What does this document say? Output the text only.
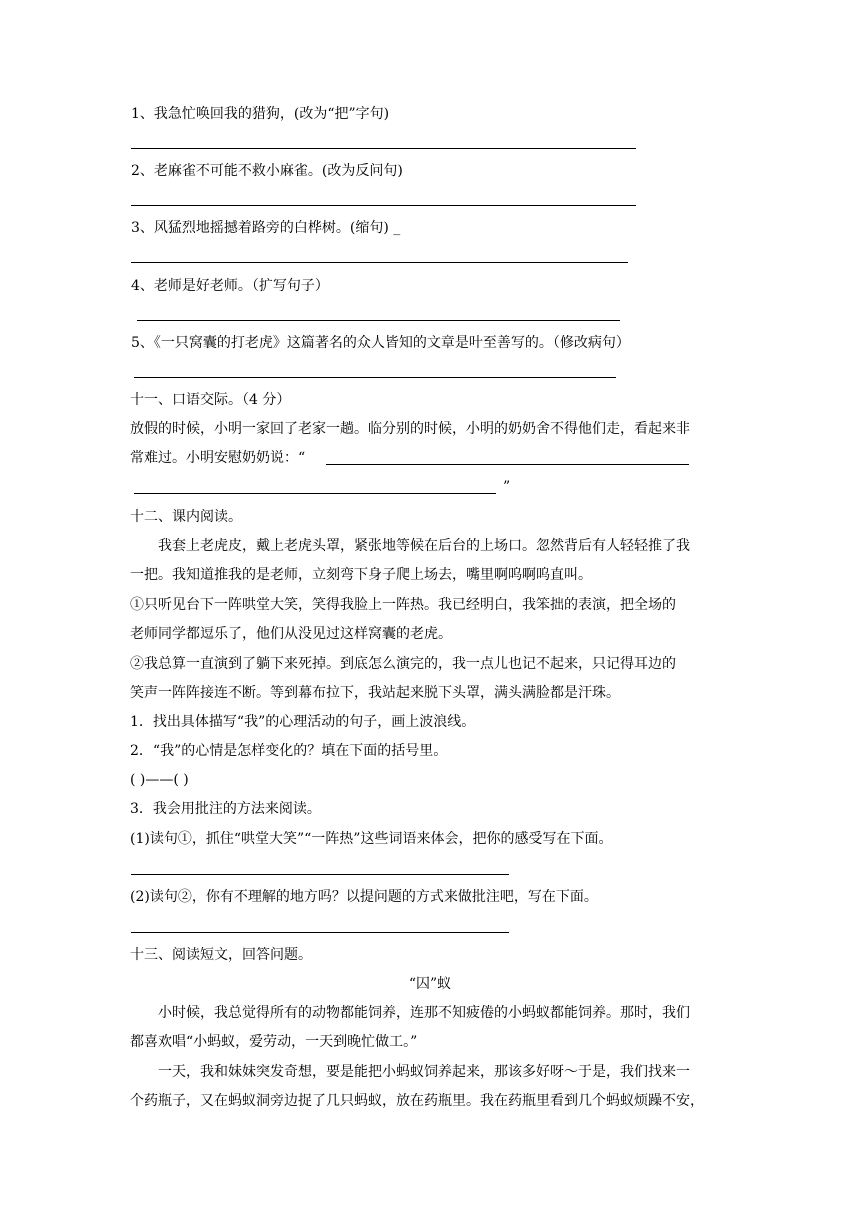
1、我急忙唤回我的猎狗，(改为“把”字句)
2、老麻雀不可能不救小麻雀。(改为反问句)
3、风猛烈地摇撼着路旁的白桦树。(缩句) _
4、老师是好老师。（扩写句子）
5、《一只窝囊的打老虎》这篇著名的众人皆知的文章是叶至善写的。（修改病句）
十一、口语交际。（4 分）
放假的时候，小明一家回了老家一趟。临分别的时候，小明的奶奶舍不得他们走，看起来非
常难过。小明安慰奶奶说：“
”
十二、课内阅读。
我套上老虎皮，戴上老虎头罩，紧张地等候在后台的上场口。忽然背后有人轻轻推了我
一把。我知道推我的是老师，立刻弯下身子爬上场去，嘴里啊呜啊呜直叫。
①只听见台下一阵哄堂大笑，笑得我脸上一阵热。我已经明白，我笨拙的表演，把全场的
老师同学都逗乐了，他们从没见过这样窝囊的老虎。
②我总算一直演到了躺下来死掉。到底怎么演完的，我一点儿也记不起来，只记得耳边的
笑声一阵阵接连不断。等到幕布拉下，我站起来脱下头罩，满头满脸都是汗珠。
1．找出具体描写“我”的心理活动的句子，画上波浪线。
2．“我”的心情是怎样变化的？填在下面的括号里。
( )——( )
3．我会用批注的方法来阅读。
(1)读句①，抓住“哄堂大笑”“一阵热”这些词语来体会，把你的感受写在下面。
(2)读句②，你有不理解的地方吗？以提问题的方式来做批注吧，写在下面。
十三、阅读短文，回答问题。
“囚”蚁
小时候，我总觉得所有的动物都能饲养，连那不知疲倦的小蚂蚁都能饲养。那时，我们
都喜欢唱“小蚂蚁，爱劳动，一天到晚忙做工。”
一天，我和妹妹突发奇想，要是能把小蚂蚁饲养起来，那该多好呀～于是，我们找来一
个药瓶子，又在蚂蚁洞旁边捉了几只蚂蚁，放在药瓶里。我在药瓶里看到几个蚂蚁烦躁不安，
